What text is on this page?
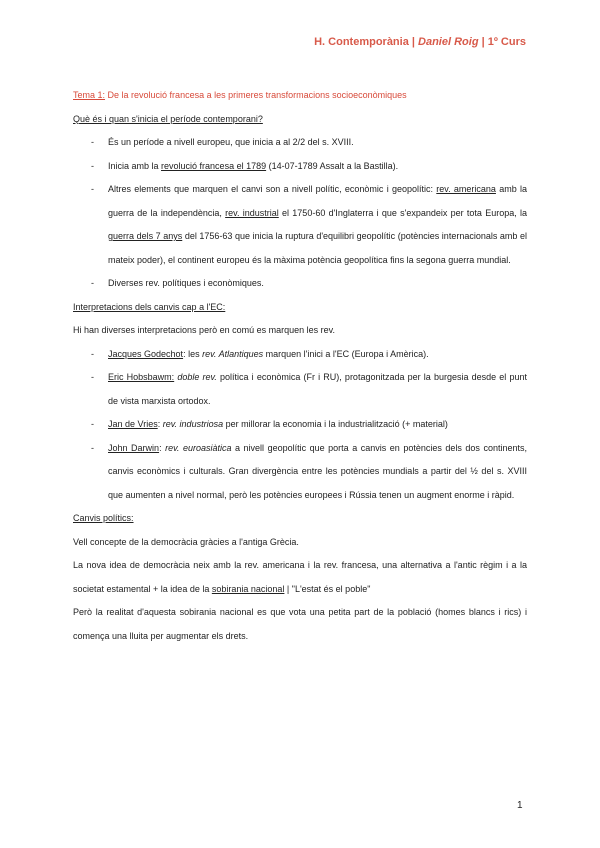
H. Contemporània | Daniel Roig | 1º Curs

Tema 1: De la revolució francesa a les primeres transformacions socioeconòmiques

Què és i quan s'inicia el període contemporani?

- És un període a nivell europeu, que inicia a al 2/2 del s. XVIII.
- Inicia amb la revolució francesa el 1789 (14-07-1789 Assalt a la Bastilla).
- Altres elements que marquen el canvi son a nivell polític, econòmic i geopolític: rev. americana amb la guerra de la independència, rev. industrial el 1750-60 d'Inglaterra i que s'expandeix per tota Europa, la guerra dels 7 anys del 1756-63 que inicia la ruptura d'equilibri geopolític (potències internacionals amb el mateix poder), el continent europeu és la màxima potència geopolítica fins la segona guerra mundial.
- Diverses rev. polítiques i econòmiques.

Interpretacions dels canvis cap a l'EC:

Hi han diverses interpretacions però en comú es marquen les rev.

- Jacques Godechot: les rev. Atlantiques marquen l'inici a l'EC (Europa i Amèrica).
- Eric Hobsbawm: doble rev. política i econòmica (Fr i RU), protagonitzada per la burgesia desde el punt de vista marxista ortodox.
- Jan de Vries: rev. industriosa per millorar la economia i la industrialització (+ material)
- John Darwin: rev. euroasiàtica a nivell geopolític que porta a canvis en potències dels dos continents, canvis econòmics i culturals. Gran divergència entre les potències mundials a partir del ½ del s. XVIII que aumenten a nivel normal, però les potències europees i Rússia tenen un augment enorme i ràpid.

Canvis polítics:

Vell concepte de la democràcia gràcies a l'antiga Grècia.

La nova idea de democràcia neix amb la rev. americana i la rev. francesa, una alternativa a l'antic règim i a la societat estamental + la idea de la sobirania nacional | "L'estat és el poble"

Però la realitat d'aquesta sobirania nacional es que vota una petita part de la població (homes blancs i rics) i comença una lluita per augmentar els drets.

1
